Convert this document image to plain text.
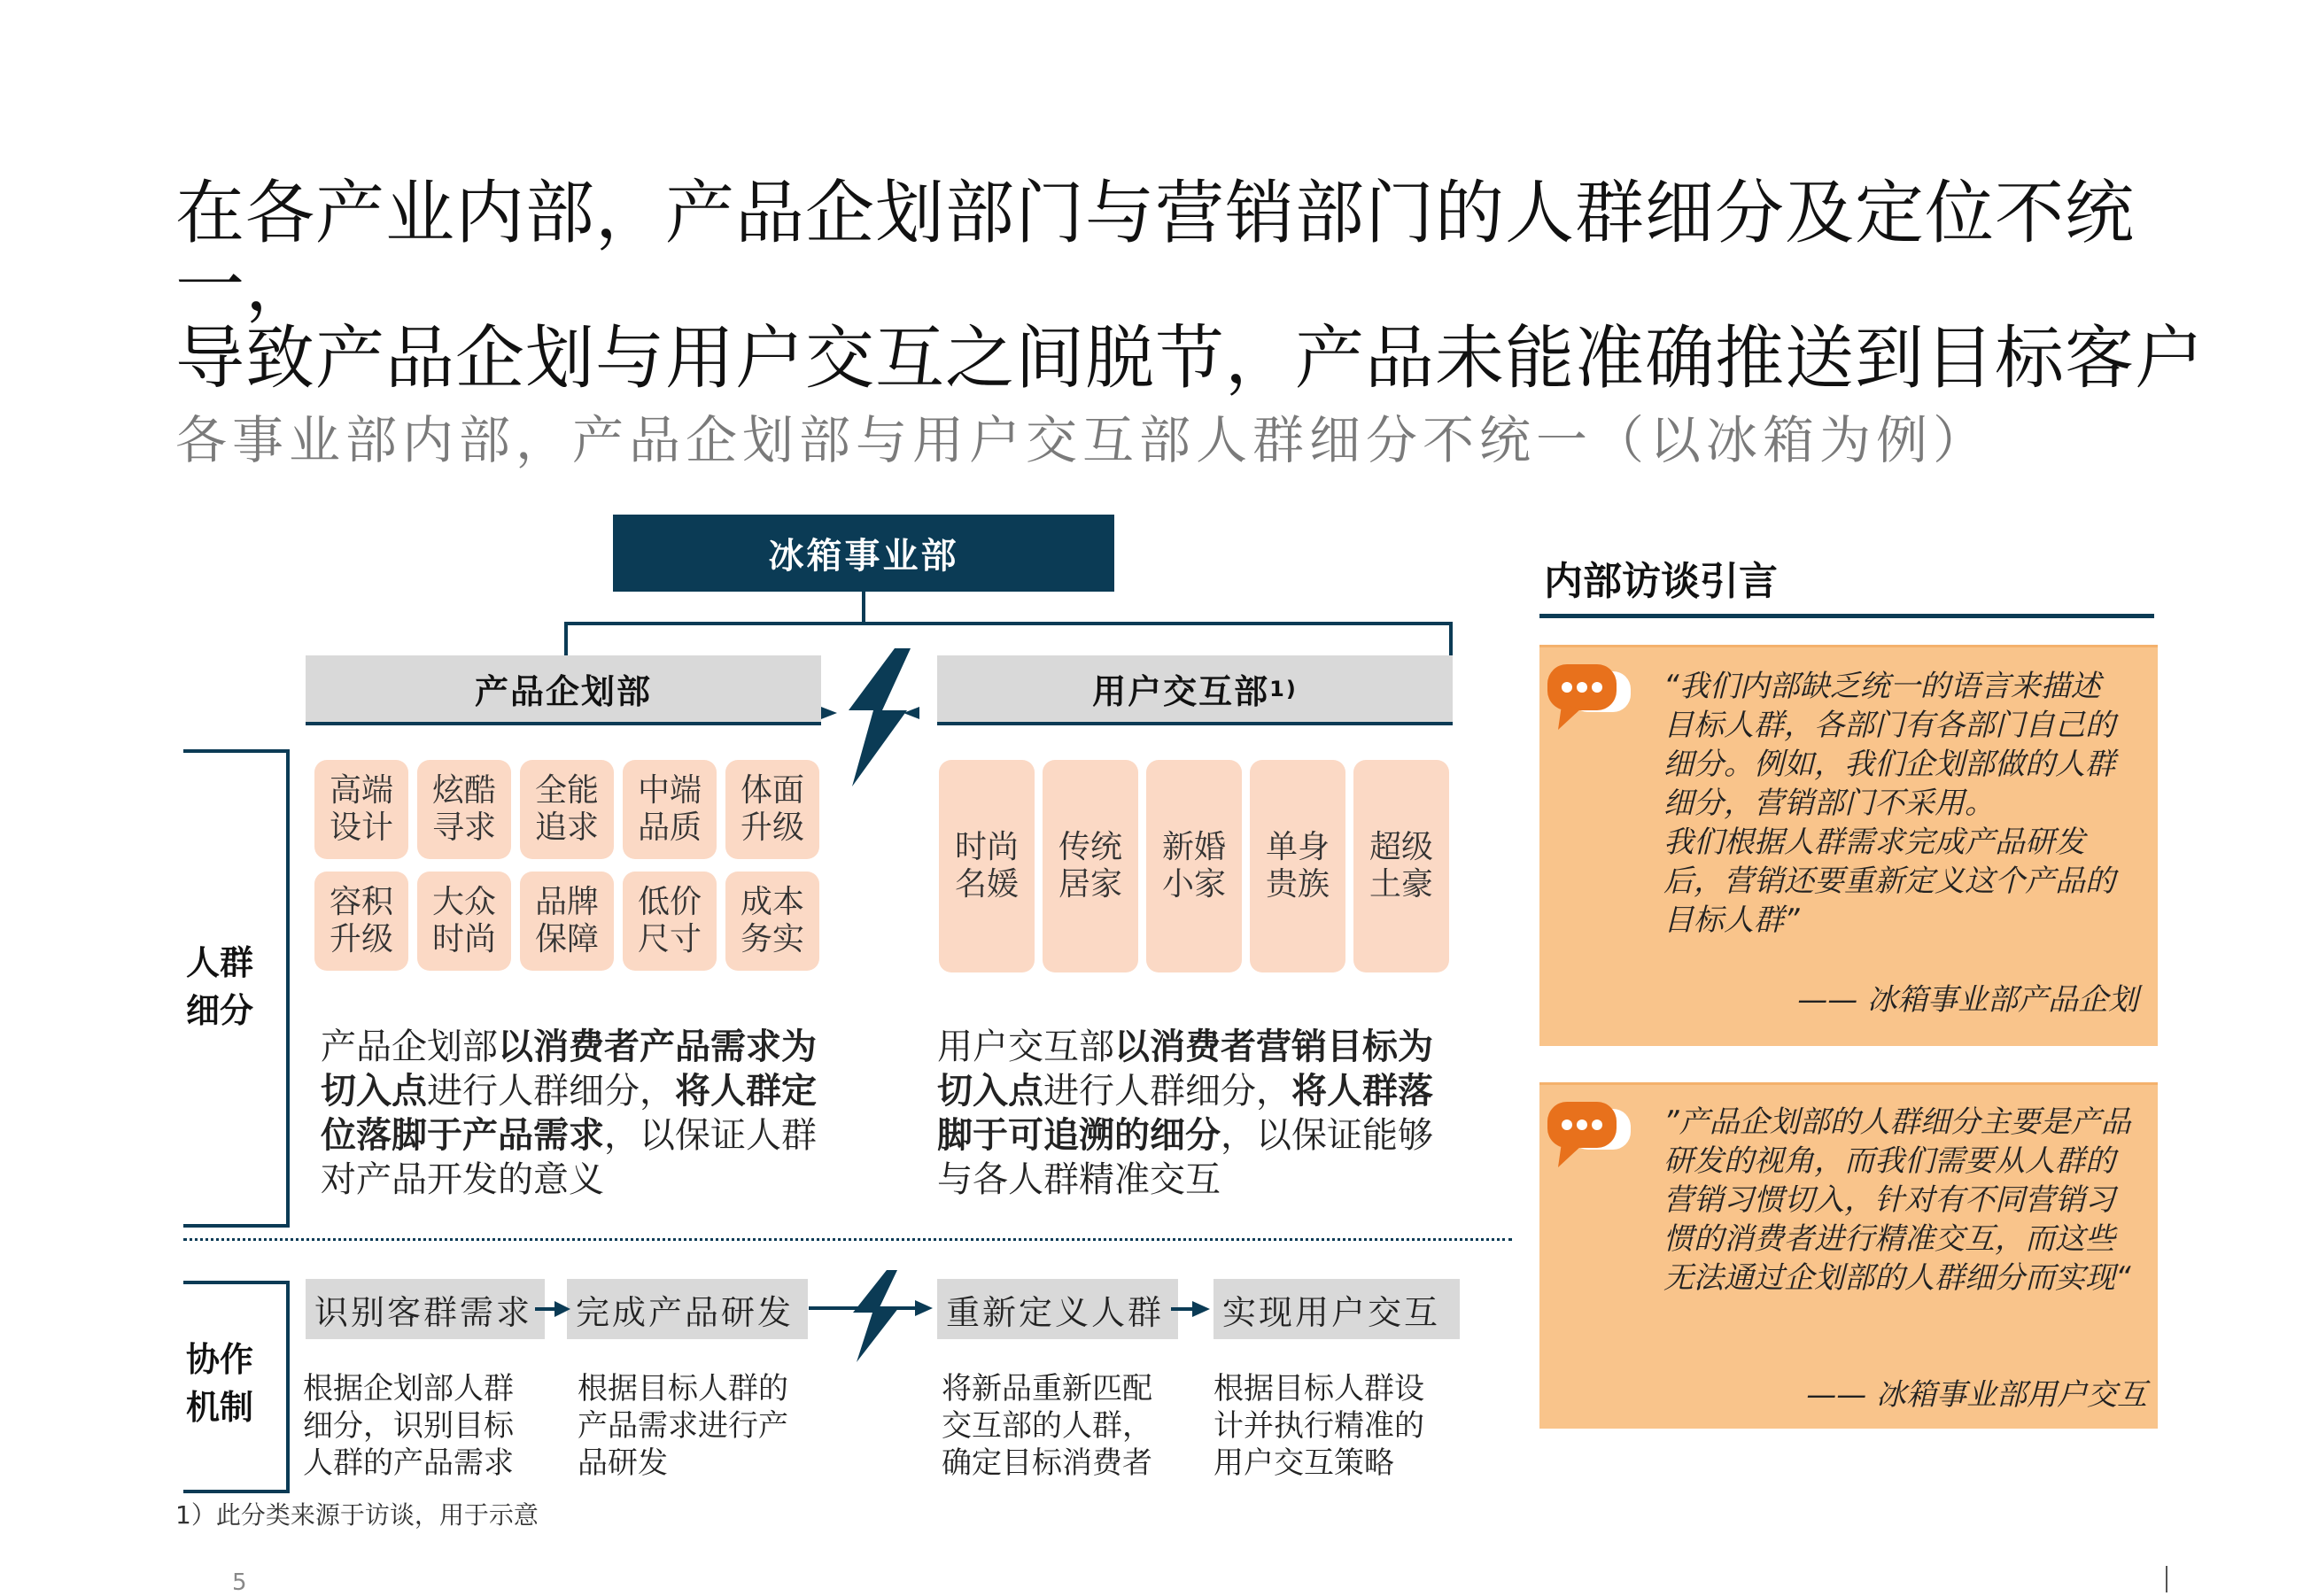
在各产业内部，产品企划部门与营销部门的人群细分及定位不统一，
导致产品企划与用户交互之间脱节，产品未能准确推送到目标客户
各事业部内部，产品企划部与用户交互部人群细分不统一（以冰箱为例）
冰箱事业部
产品企划部	用户交互部 1)
高端
设计
炫酷
寻求
全能
追求
中端
品质
体面
升级
容积
升级
大众
时尚
品牌
保障
低价
尺寸
成本
务实
时尚
名媛
传统
居家
新婚
小家
单身
贵族
超级
土豪
产品企划部以消费者产品需求为切入点进行人群细分，将人群定位落脚于产品需求，以保证人群对产品开发的意义
用户交互部以消费者营销目标为切入点进行人群细分，将人群落脚于可追溯的细分，以保证能够与各人群精准交互
人群
细分
协作
机制
识别客群需求 完成产品研发	重新定义人群 实现用户交互
根据企划部人群
细分，识别目标
人群的产品需求
根据目标人群的
产品需求进行产
品研发
将新品重新匹配
交互部的人群，
确定目标消费者
根据目标人群设
计并执行精准的
用户交互策略
内部访谈引言
“我们内部缺乏统一的语言来描述目标人群，各部门有各部门自己的细分。例如，我们企划部做的人群细分，营销部门不采用。
我们根据人群需求完成产品研发后，营销还要重新定义这个产品的目标人群”
—— 冰箱事业部产品企划
”产品企划部的人群细分主要是产品研发的视角，而我们需要从人群的营销习惯切入，针对有不同营销习惯的消费者进行精准交互，而这些无法通过企划部的人群细分而实现“
—— 冰箱事业部用户交互
1）此分类来源于访谈，用于示意
5
